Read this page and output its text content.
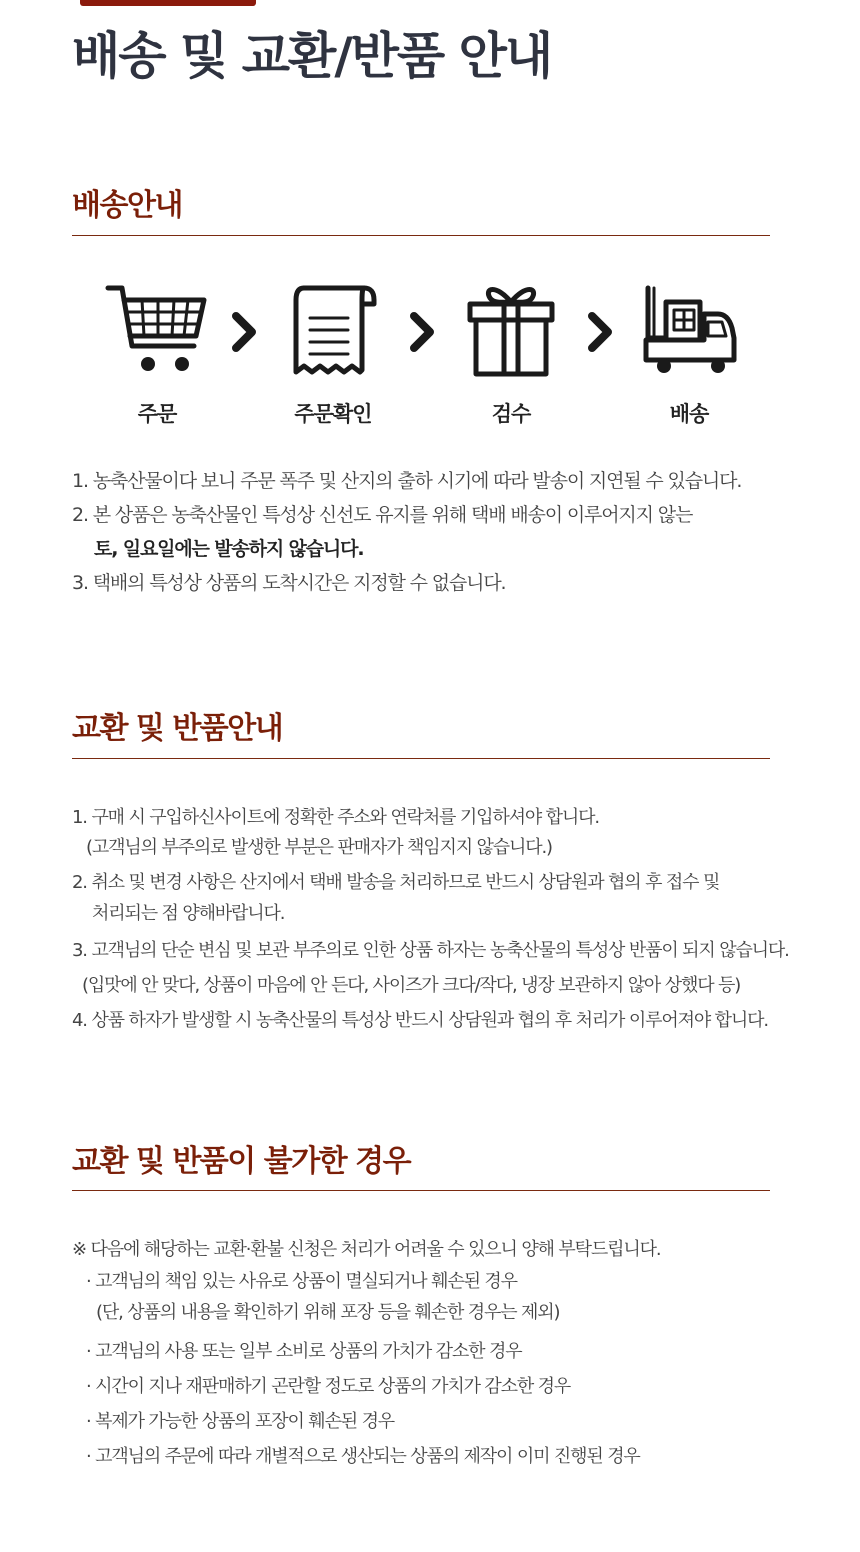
배송 및 교환/반품 안내
배송안내
주문	주문확인	검수	배송

1. 농축산물이다 보니 주문 폭주 및 산지의 출하 시기에 따라 발송이 지연될 수 있습니다.

2. 본 상품은 농축산물인 특성상 신선도 유지를 위해 택배 배송이 이루어지지 않는

토, 일요일에는 발송하지 않습니다.

3. 택배의 특성상 상품의 도착시간은 지정할 수 없습니다.

교환 및 반품안내

1. 구매 시 구입하신사이트에 정확한 주소와 연락처를 기입하셔야 합니다.

(고객님의 부주의로 발생한 부분은 판매자가 책임지지 않습니다.)

2. 취소 및 변경 사항은 산지에서 택배 발송을 처리하므로 반드시 상담원과 협의 후 접수 및

처리되는 점 양해바랍니다.

3. 고객님의 단순 변심 및 보관 부주의로 인한 상품 하자는 농축산물의 특성상 반품이 되지 않습니다.

(입맛에 안 맞다, 상품이 마음에 안 든다, 사이즈가 크다/작다, 냉장 보관하지 않아 상했다 등)

4. 상품 하자가 발생할 시 농축산물의 특성상 반드시 상담원과 협의 후 처리가 이루어져야 합니다.

교환 및 반품이 불가한 경우

※ 다음에 해당하는 교환·환불 신청은 처리가 어려울 수 있으니 양해 부탁드립니다.

· 고객님의 책임 있는 사유로 상품이 멸실되거나 훼손된 경우

(단, 상품의 내용을 확인하기 위해 포장 등을 훼손한 경우는 제외)

· 고객님의 사용 또는 일부 소비로 상품의 가치가 감소한 경우

· 시간이 지나 재판매하기 곤란할 정도로 상품의 가치가 감소한 경우

· 복제가 가능한 상품의 포장이 훼손된 경우

· 고객님의 주문에 따라 개별적으로 생산되는 상품의 제작이 이미 진행된 경우
